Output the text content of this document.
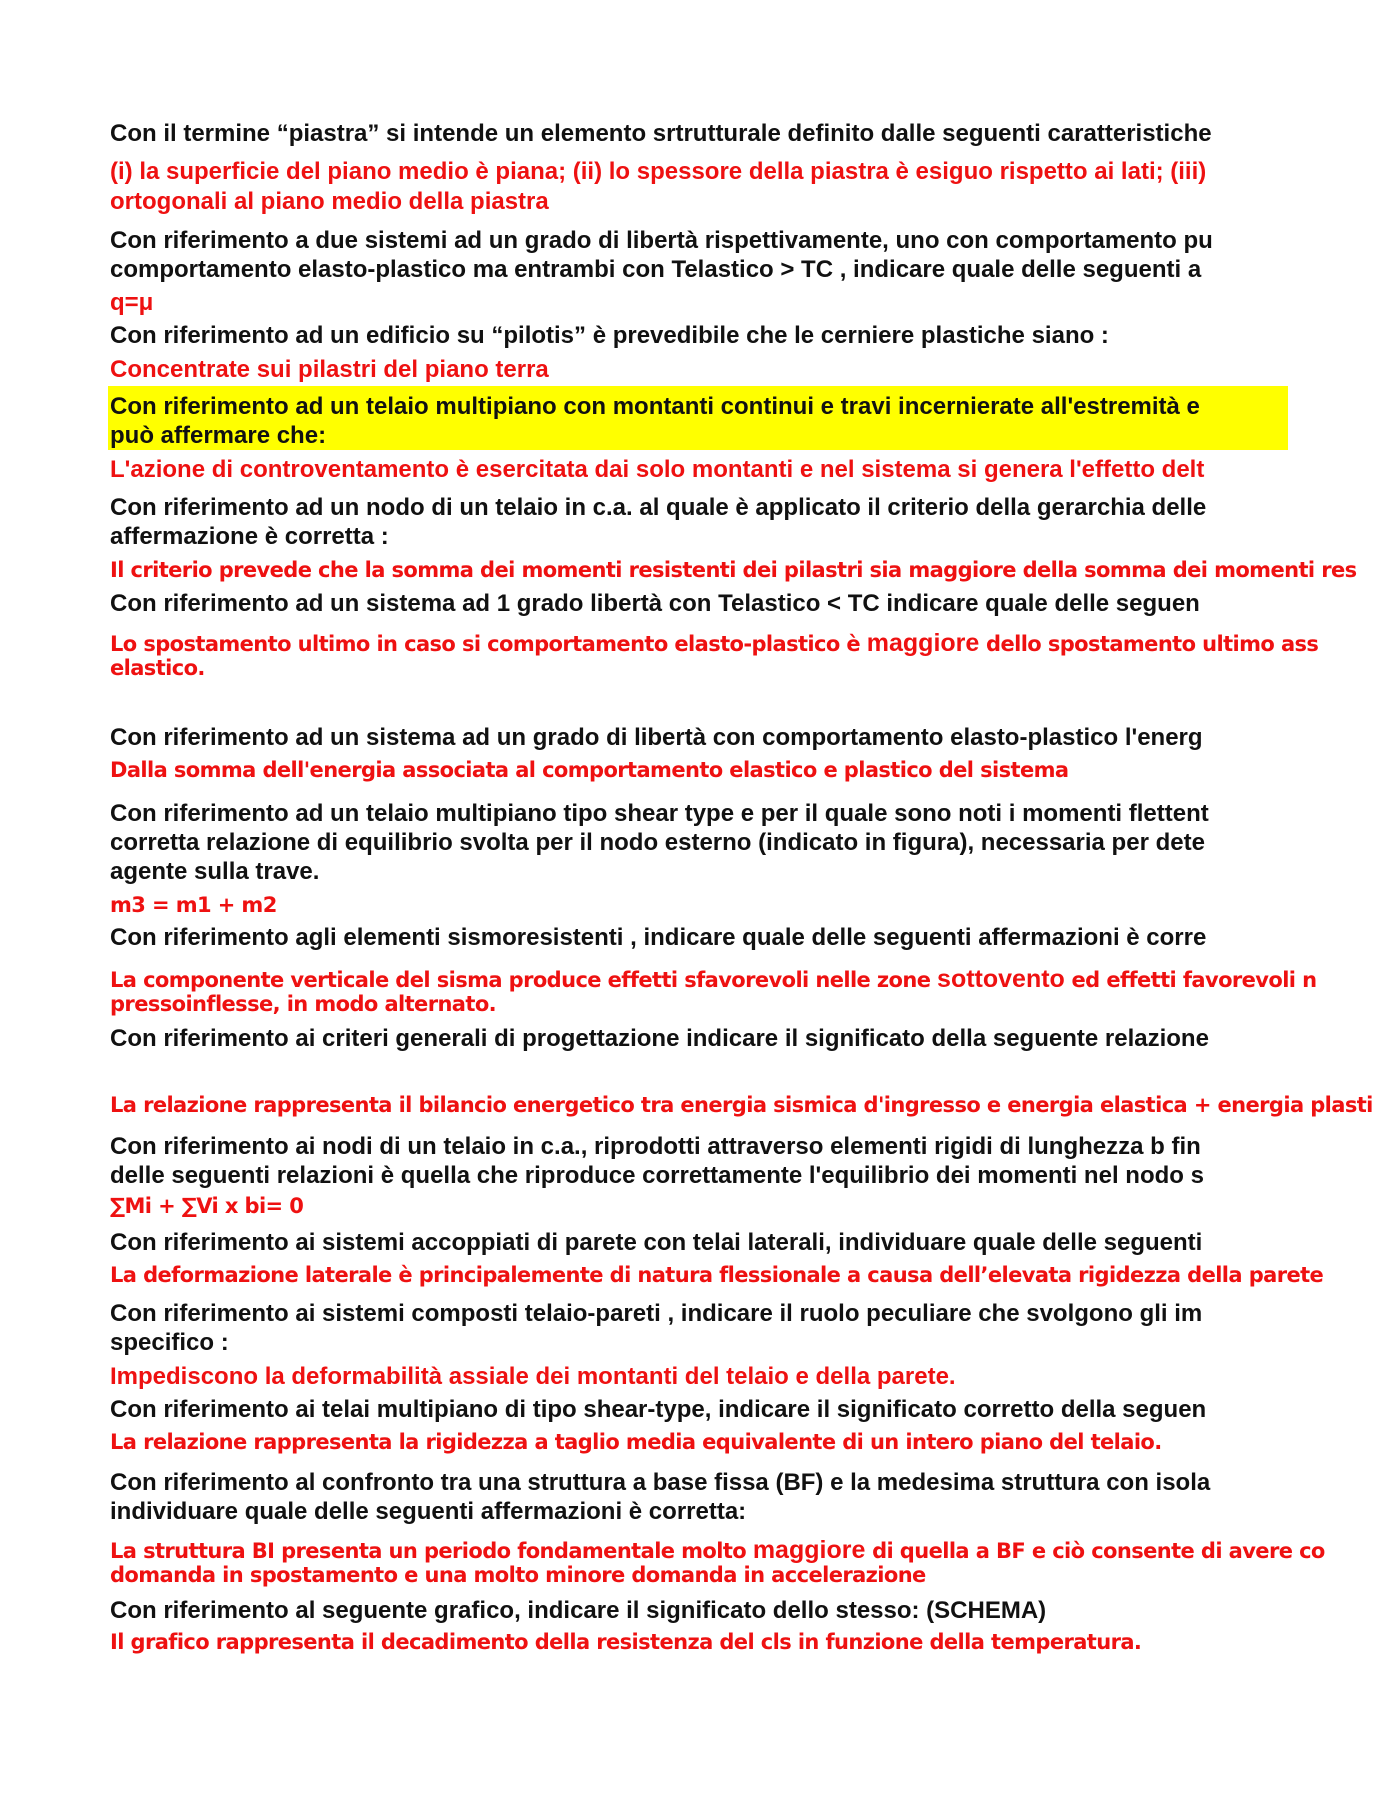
Con il termine “piastra” si intende un elemento srtrutturale definito dalle seguenti caratteristiche

(i) la superficie del piano medio è piana; (ii) lo spessore della piastra è esiguo rispetto ai lati; (iii)

ortogonali al piano medio della piastra

Con riferimento a due sistemi ad un grado di libertà rispettivamente, uno con comportamento pu

comportamento elasto-plastico ma entrambi con Telastico > TC , indicare quale delle seguenti a

q=μ

Con riferimento ad un edificio su “pilotis” è prevedibile che le cerniere plastiche siano :

Concentrate sui pilastri del piano terra

Con riferimento ad un telaio multipiano con montanti continui e travi incernierate all'estremità e

può affermare che:

L'azione di controventamento è esercitata dai solo montanti e nel sistema si genera l'effetto delt

Con riferimento ad un nodo di un telaio in c.a. al quale è applicato il criterio della gerarchia delle

affermazione è corretta :

Il criterio prevede che la somma dei momenti resistenti dei pilastri sia maggiore della somma dei momenti res

Con riferimento ad un sistema ad 1 grado libertà con Telastico < TC indicare quale delle seguen

Lo spostamento ultimo in caso si comportamento elasto-plastico è maggiore dello spostamento ultimo ass

elastico.

Con riferimento ad un sistema ad un grado di libertà con comportamento elasto-plastico l'energ

Dalla somma dell'energia associata al comportamento elastico e plastico del sistema

Con riferimento ad un telaio multipiano tipo shear type e per il quale sono noti i momenti flettent

corretta relazione di equilibrio svolta per il nodo esterno (indicato in figura), necessaria per dete

agente sulla trave.

m3 = m1 + m2

Con riferimento agli elementi sismoresistenti , indicare quale delle seguenti affermazioni è corre

La componente verticale del sisma produce effetti sfavorevoli nelle zone sottovento ed effetti favorevoli n

pressoinflesse, in modo alternato.

Con riferimento ai criteri generali di progettazione indicare il significato della seguente relazione

La relazione rappresenta il bilancio energetico tra energia sismica d'ingresso e energia elastica + energia plasti

Con riferimento ai nodi di un telaio in c.a., riprodotti attraverso elementi rigidi di lunghezza b fin

delle seguenti relazioni è quella che riproduce correttamente l'equilibrio dei momenti nel nodo s

∑Mi + ∑Vi x bi= 0

Con riferimento ai sistemi accoppiati di parete con telai laterali, individuare quale delle seguenti

La deformazione laterale è principalemente di natura flessionale a causa dell’elevata rigidezza della parete

Con riferimento ai sistemi composti telaio-pareti , indicare il ruolo peculiare che svolgono gli im

specifico :

Impediscono la deformabilità assiale dei montanti del telaio e della parete.

Con riferimento ai telai multipiano di tipo shear-type, indicare il significato corretto della seguen

La relazione rappresenta la rigidezza a taglio media equivalente di un intero piano del telaio.

Con riferimento al confronto tra una struttura a base fissa (BF) e la medesima struttura con isola

individuare quale delle seguenti affermazioni è corretta:

La struttura BI presenta un periodo fondamentale molto maggiore di quella a BF e ciò consente di avere co

domanda in spostamento e una molto minore domanda in accelerazione

Con riferimento al seguente grafico, indicare il significato dello stesso: (SCHEMA)

Il grafico rappresenta il decadimento della resistenza del cls in funzione della temperatura.
